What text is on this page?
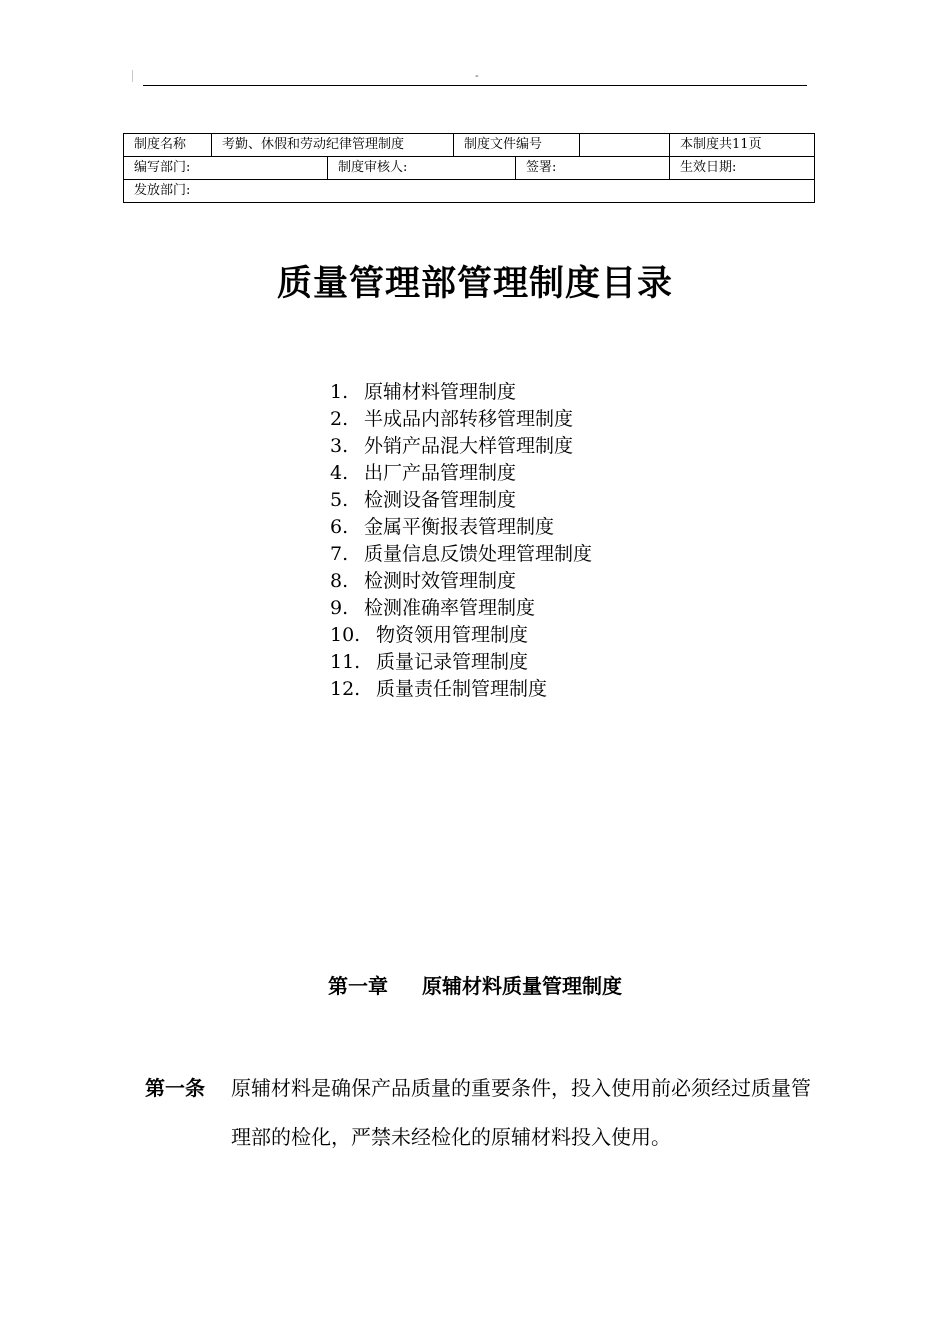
-
制度名称	考勤、休假和劳动纪律管理制度		制度文件编号			本制度共11页
编写部门:		制度审核人:		签署:		生效日期:
发放部门:						
质量管理部管理制度目录
1. 原辅材料管理制度
2. 半成品内部转移管理制度
3. 外销产品混大样管理制度
4. 出厂产品管理制度
5. 检测设备管理制度
6. 金属平衡报表管理制度
7. 质量信息反馈处理管理制度
8. 检测时效管理制度
9. 检测准确率管理制度
10. 物资领用管理制度
11. 质量记录管理制度
12. 质量责任制管理制度
第一章 原辅材料质量管理制度
第一条 原辅材料是确保产品质量的重要条件，投入使用前必须经过质量管理部的检化，严禁未经检化的原辅材料投入使用。
